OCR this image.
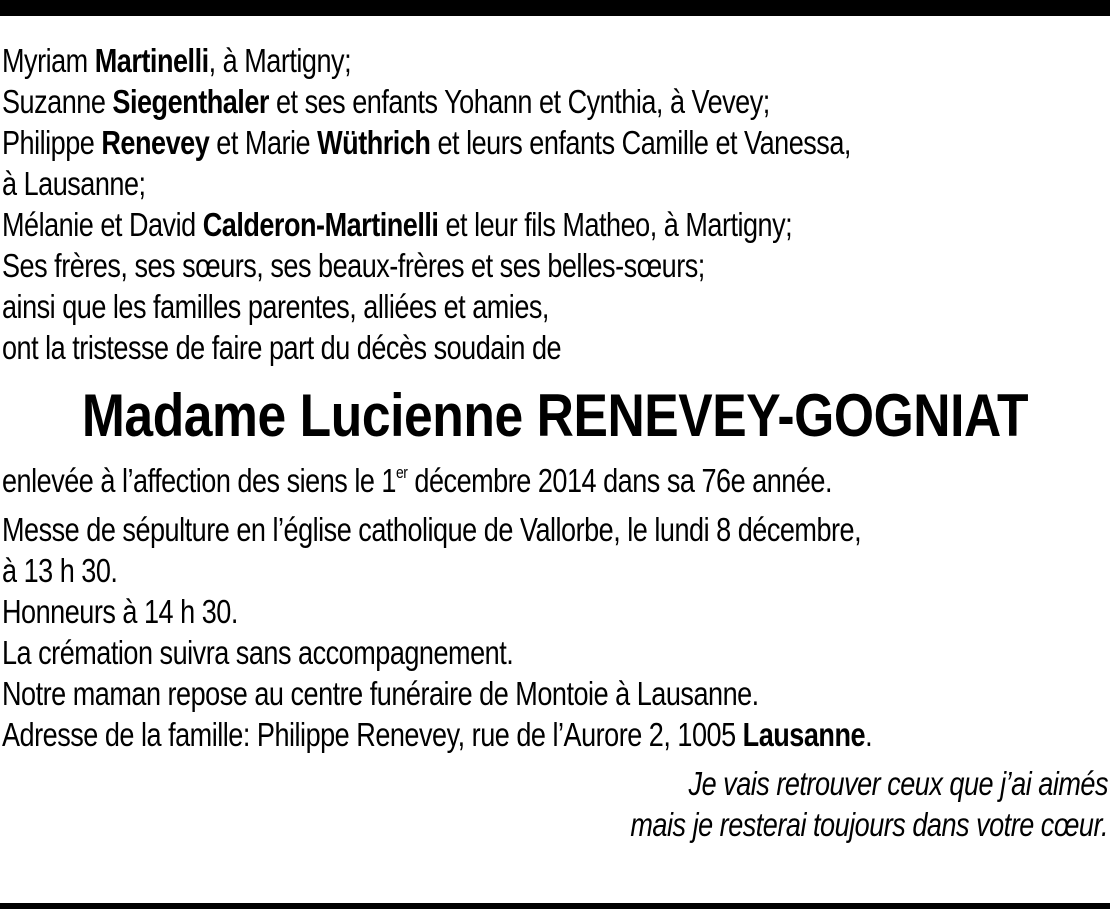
Myriam Martinelli, à Martigny;
Suzanne Siegenthaler et ses enfants Yohann et Cynthia, à Vevey;
Philippe Renevey et Marie Wüthrich et leurs enfants Camille et Vanessa,
à Lausanne;
Mélanie et David Calderon-Martinelli et leur fils Matheo, à Martigny;
Ses frères, ses sœurs, ses beaux-frères et ses belles-sœurs;
ainsi que les familles parentes, alliées et amies,
ont la tristesse de faire part du décès soudain de
Madame Lucienne RENEVEY-GOGNIAT
enlevée à l’affection des siens le 1er décembre 2014 dans sa 76e année.
Messe de sépulture en l’église catholique de Vallorbe, le lundi 8 décembre,
à 13 h 30.
Honneurs à 14 h 30.
La crémation suivra sans accompagnement.
Notre maman repose au centre funéraire de Montoie à Lausanne.
Adresse de la famille: Philippe Renevey, rue de l’Aurore 2, 1005 Lausanne.
Je vais retrouver ceux que j’ai aimés
mais je resterai toujours dans votre cœur.
